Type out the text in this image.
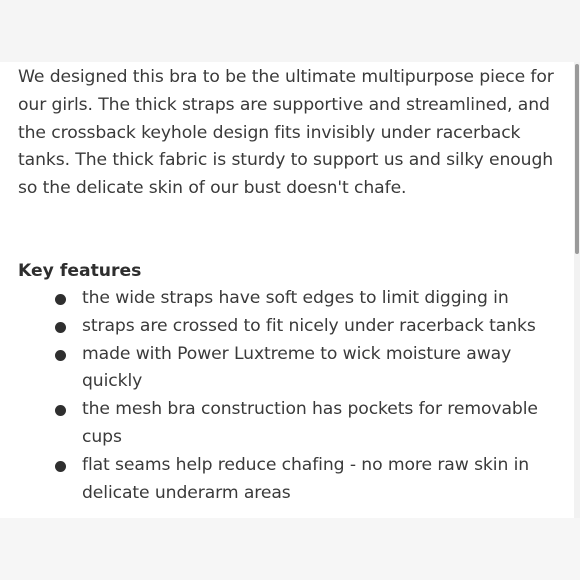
We designed this bra to be the ultimate multipurpose piece for our girls. The thick straps are supportive and streamlined, and the crossback keyhole design fits invisibly under racerback tanks. The thick fabric is sturdy to support us and silky enough so the delicate skin of our bust doesn't chafe.

Key features
the wide straps have soft edges to limit digging in
straps are crossed to fit nicely under racerback tanks
made with Power Luxtreme to wick moisture away quickly
the mesh bra construction has pockets for removable cups
flat seams help reduce chafing - no more raw skin in delicate underarm areas
